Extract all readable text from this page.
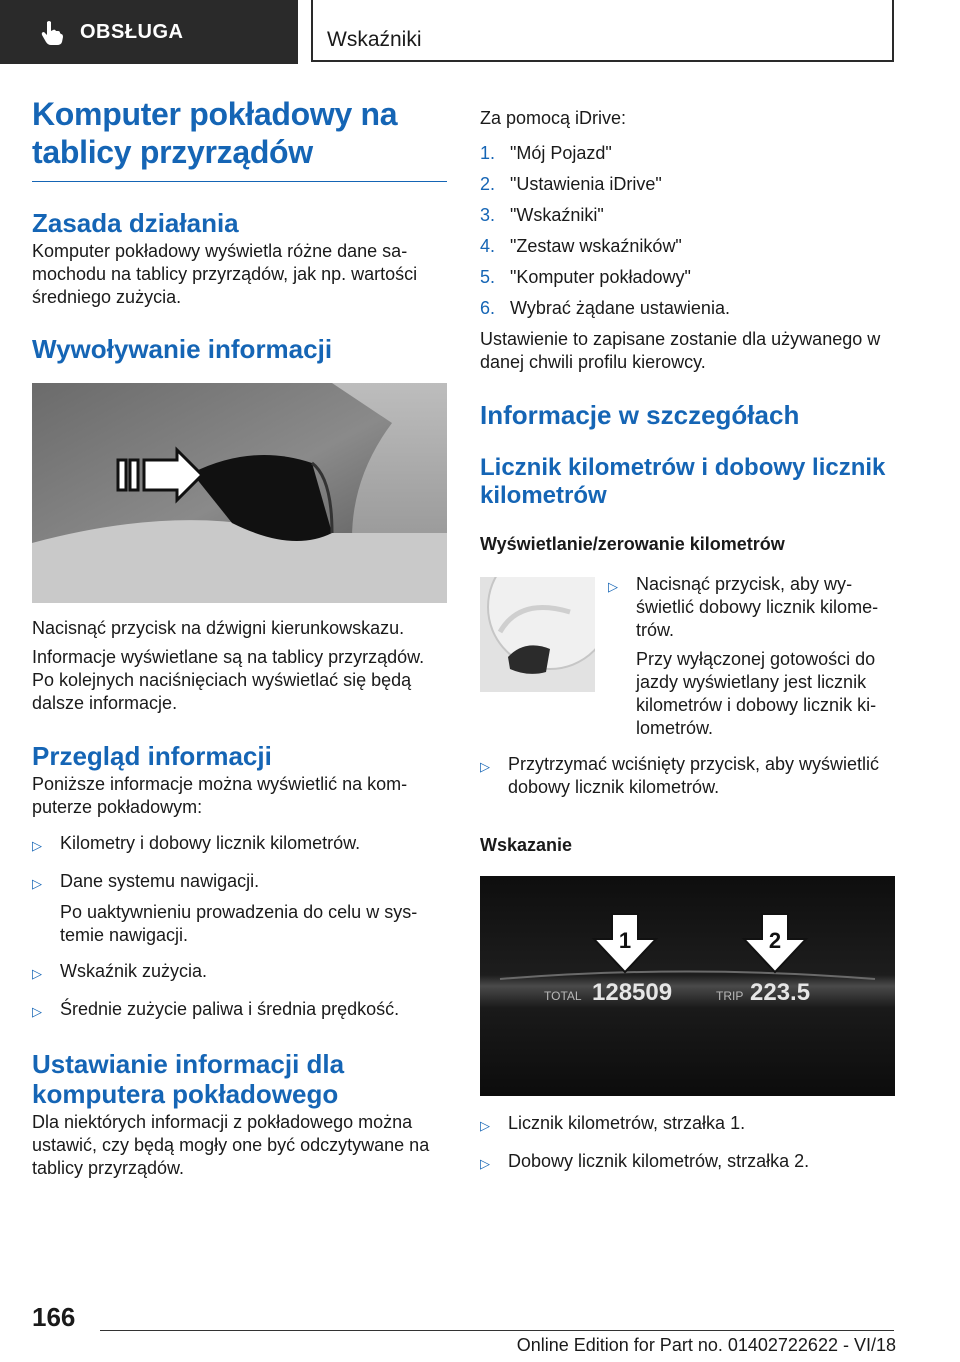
OBSŁUGA	Wskaźniki
Komputer pokładowy na tablicy przyrządów
Zasada działania

Komputer pokładowy wyświetla różne dane samochodu na tablicy przyrządów, jak np. wartości średniego zużycia.

Wywoływanie informacji

Nacisnąć przycisk na dźwigni kierunkowskazu.

Informacje wyświetlane są na tablicy przyrządów. Po kolejnych naciśnięciach wyświetlać się będą dalsze informacje.

Przegląd informacji

Poniższe informacje można wyświetlić na komputerze pokładowym:

▷	Kilometry i dobowy licznik kilometrów.
▷	Dane systemu nawigacji.
Po uaktywnieniu prowadzenia do celu w systemie nawigacji.
▷	Wskaźnik zużycia.
▷	Średnie zużycie paliwa i średnia prędkość.
Ustawianie informacji dla komputera pokładowego

Dla niektórych informacji z pokładowego można ustawić, czy będą mogły one być odczytywane na tablicy przyrządów.

Za pomocą iDrive:

1. "Mój Pojazd"
2. "Ustawienia iDrive"
3. "Wskaźniki"
4. "Zestaw wskaźników"
5. "Komputer pokładowy"
6. Wybrać żądane ustawienia.

Ustawienie to zapisane zostanie dla używanego w danej chwili profilu kierowcy.

Informacje w szczegółach
Licznik kilometrów i dobowy licznik kilometrów
Wyświetlanie/zerowanie kilometrów
▷	Nacisnąć przycisk, aby wyświetlić dobowy licznik kilometrów.
Przy wyłączonej gotowości do jazdy wyświetlany jest licznik kilometrów i dobowy licznik kilometrów.
▷	Przytrzymać wciśnięty przycisk, aby wyświetlić dobowy licznik kilometrów.
Wskazanie
1	2
TOTAL 128509	TRIP 223.5
▷	Licznik kilometrów, strzałka 1.
▷	Dobowy licznik kilometrów, strzałka 2.
166
Online Edition for Part no. 01402722622 - VI/18
